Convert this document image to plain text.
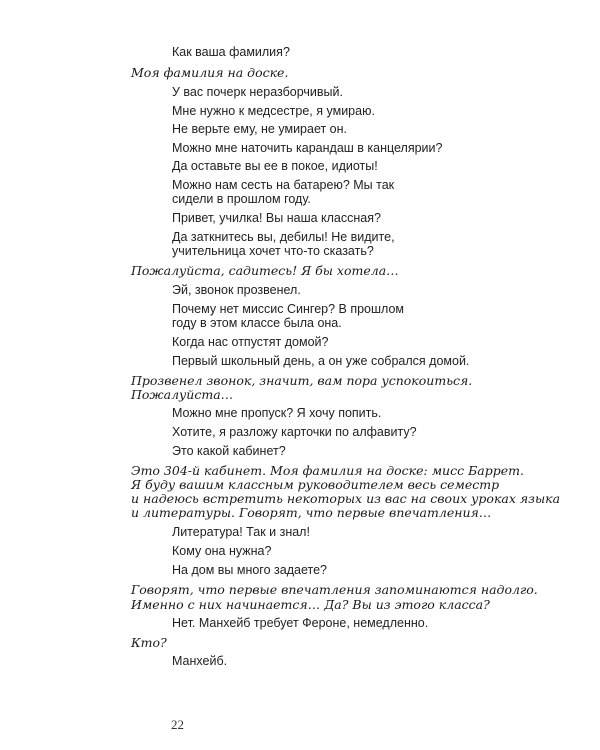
Как ваша фамилия?
Моя фамилия на доске.
У вас почерк неразборчивый.
Мне нужно к медсестре, я умираю.
Не верьте ему, не умирает он.
Можно мне наточить карандаш в канцелярии?
Да оставьте вы ее в покое, идиоты!
Можно нам сесть на батарею? Мы так
сидели в прошлом году.
Привет, училка! Вы наша классная?
Да заткнитесь вы, дебилы! Не видите,
учительница хочет что-то сказать?
Пожалуйста, садитесь! Я бы хотела…
Эй, звонок прозвенел.
Почему нет миссис Сингер? В прошлом
году в этом классе была она.
Когда нас отпустят домой?
Первый школьный день, а он уже собрался домой.
Прозвенел звонок, значит, вам пора успокоиться.
Пожалуйста…
Можно мне пропуск? Я хочу попить.
Хотите, я разложу карточки по алфавиту?
Это какой кабинет?
Это 304-й кабинет. Моя фамилия на доске: мисс Баррет.
Я буду вашим классным руководителем весь семестр
и надеюсь встретить некоторых из вас на своих уроках языка
и литературы. Говорят, что первые впечатления…
Литература! Так и знал!
Кому она нужна?
На дом вы много задаете?
Говорят, что первые впечатления запоминаются надолго.
Именно с них начинается… Да? Вы из этого класса?
Нет. Манхейб требует Фероне, немедленно.
Кто?
Манхейб.
22
